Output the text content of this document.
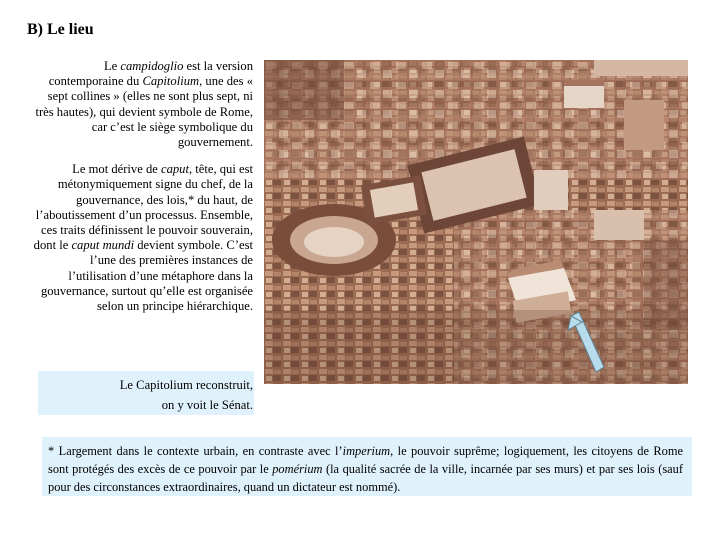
B) Le lieu

Le campidoglio est la version contemporaine du Capitolium, une des « sept collines » (elles ne sont plus sept, ni très hautes), qui devient symbole de Rome, car c’est le siège symbolique du gouvernement.

Le mot dérive de caput, tête, qui est métonymiquement signe du chef, de la gouvernance, des lois,* du haut, de l’aboutissement d’un processus. Ensemble, ces traits définissent le pouvoir souverain, dont le caput mundi devient symbole. C’est l’une des premières instances de l’utilisation d’une métaphore dans la gouvernance, surtout qu’elle est organisée selon un principe hiérarchique.

Le Capitolium reconstruit,
on y voit le Sénat.
* Largement dans le contexte urbain, en contraste avec l’imperium, le pouvoir suprême; logiquement, les citoyens de Rome sont protégés des excès de ce pouvoir par le pomérium (la qualité sacrée de la ville, incarnée par ses murs) et par ses lois (sauf pour des circonstances extraordinaires, quand un dictateur est nommé).
